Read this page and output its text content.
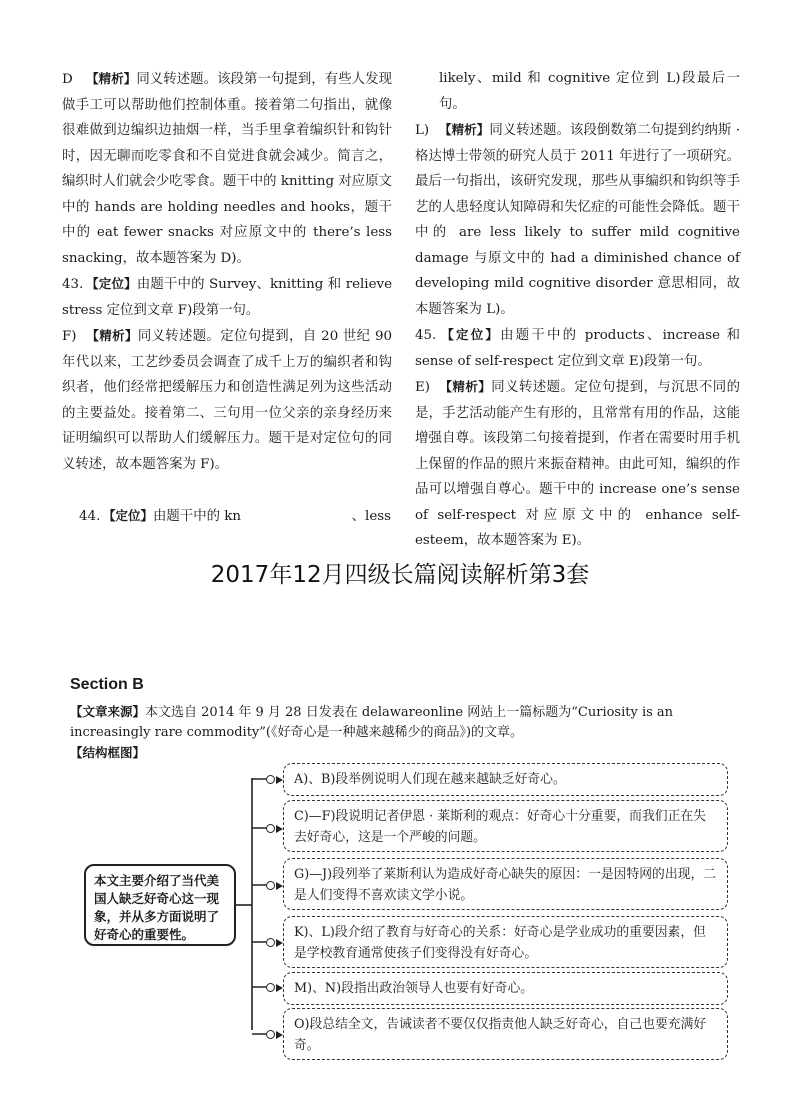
D 【精析】同义转述题。该段第一句提到，有些人发现做手工可以帮助他们控制体重。接着第二句指出，就像很难做到边编织边抽烟一样，当手里拿着编织针和钩针时，因无聊而吃零食和不自觉进食就会减少。简言之，编织时人们就会少吃零食。题干中的 knitting 对应原文中的 hands are holding needles and hooks，题干中的 eat fewer snacks 对应原文中的 there’s less snacking，故本题答案为 D)。
43. 【定位】由题干中的 Survey、knitting 和 relieve stress 定位到文章 F)段第一句。
F) 【精析】同义转述题。定位句提到，自 20 世纪 90 年代以来，工艺纱委员会调查了成千上万的编织者和钩织者，他们经常把缓解压力和创造性满足列为这些活动的主要益处。接着第二、三句用一位父亲的亲身经历来证明编织可以帮助人们缓解压力。题干是对定位句的同义转述，故本题答案为 F)。

44. 【定位】由题干中的 kn                          、less

likely、mild 和 cognitive 定位到 L)段最后一句。
L) 【精析】同义转述题。该段倒数第二句提到约纳斯 · 格达博士带领的研究人员于 2011 年进行了一项研究。最后一句指出，该研究发现，那些从事编织和钩织等手艺的人患轻度认知障碍和失忆症的可能性会降低。题干中的 are less likely to suffer mild cognitive damage 与原文中的 had a diminished chance of developing mild cognitive disorder 意思相同，故本题答案为 L)。
45. 【定位】由题干中的 products、increase 和 sense of self-respect 定位到文章 E)段第一句。
E) 【精析】同义转述题。定位句提到，与沉思不同的是，手艺活动能产生有形的，且常常有用的作品，这能增强自尊。该段第二句接着提到，作者在需要时用手机上保留的作品的照片来振奋精神。由此可知，编织的作品可以增强自尊心。题干中的 increase one’s sense of self-respect 对应原文中的 enhance self-esteem，故本题答案为 E)。
2017年12月四级长篇阅读解析第3套
Section B
【文章来源】本文选自 2014 年 9 月 28 日发表在 delawareonline 网站上一篇标题为“Curiosity is an increasingly rare commodity”(《好奇心是一种越来越稀少的商品》)的文章。
【结构框图】
本文主要介绍了当代美国人缺乏好奇心这一现象，并从多方面说明了好奇心的重要性。
A)、B)段举例说明人们现在越来越缺乏好奇心。
C)—F)段说明记者伊恩 · 莱斯利的观点：好奇心十分重要，而我们正在失去好奇心，这是一个严峻的问题。
G)—J)段列举了莱斯利认为造成好奇心缺失的原因：一是因特网的出现，二是人们变得不喜欢读文学小说。
K)、L)段介绍了教育与好奇心的关系：好奇心是学业成功的重要因素，但是学校教育通常使孩子们变得没有好奇心。
M)、N)段指出政治领导人也要有好奇心。
O)段总结全文，告诫读者不要仅仅指责他人缺乏好奇心，自己也要充满好奇。
